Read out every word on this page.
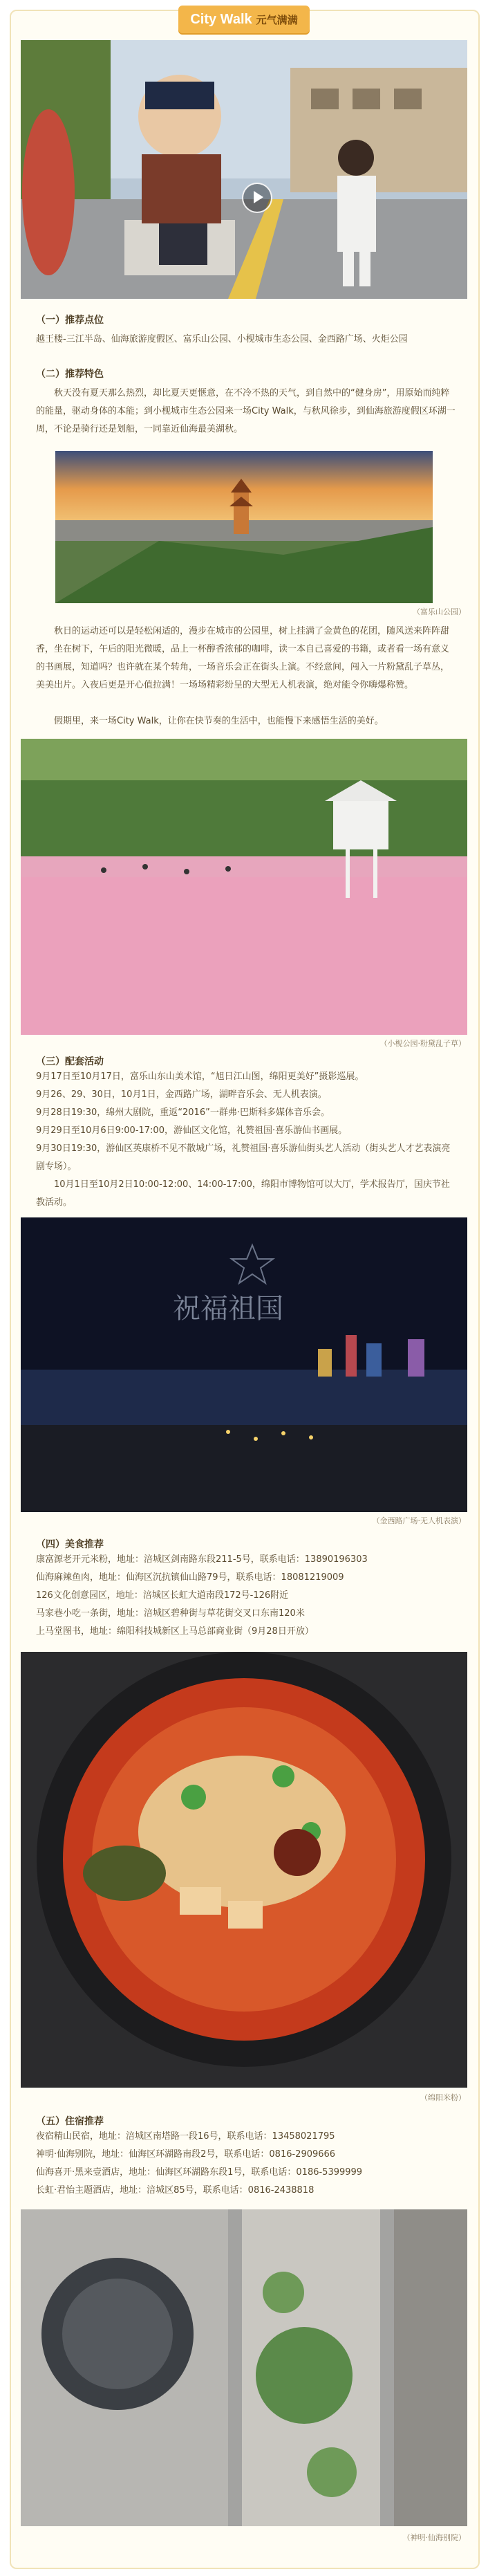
City Walk 元气满满
（一）推荐点位
越王楼-三江半岛、仙海旅游度假区、富乐山公园、小枧城市生态公园、金西路广场、火炬公园
（二）推荐特色
秋天没有夏天那么热烈，却比夏天更惬意，在不冷不热的天气，到自然中的“健身房”，用原始而纯粹的能量，驱动身体的本能；到小枧城市生态公园来一场City Walk，与秋风徐步，到仙海旅游度假区环湖一周，不论是骑行还是划船，一同靠近仙海最美湖秋。
（富乐山公园）
秋日的运动还可以是轻松闲适的，漫步在城市的公园里，树上挂满了金黄色的花团，随风送来阵阵甜香，坐在树下，午后的阳光微暖，品上一杯醇香浓郁的咖啡，读一本自己喜爱的书籍，或者看一场有意义的书画展，知道吗？也许就在某个转角，一场音乐会正在街头上演。不经意间，闯入一片粉黛乱子草丛，美美出片。入夜后更是开心值拉满！一场场精彩纷呈的大型无人机表演，绝对能令你嗨爆称赞。
假期里，来一场City Walk，让你在快节奏的生活中，也能慢下来感悟生活的美好。
（小枧公园·粉黛乱子草）
（三）配套活动
9月17日至10月17日，富乐山东山美术馆，“旭日江山图，绵阳更美好”摄影巡展。
9月26、29、30日，10月1日，金西路广场，湖畔音乐会、无人机表演。
9月28日19:30，绵州大剧院，重返“2016”一群弗·巴斯科多媒体音乐会。
9月29日至10月6日9:00-17:00，游仙区文化馆，礼赞祖国·喜乐游仙书画展。
9月30日19:30，游仙区英康桥不见不散城广场，礼赞祖国·喜乐游仙街头艺人活动（街头艺人才艺表演亮剧专场）。
10月1日至10月2日10:00-12:00、14:00-17:00，绵阳市博物馆可以大厅，学术报告厅，国庆节社教活动。
祝福祖国
（金西路广场·无人机表演）
（四）美食推荐
康富源老开元米粉，地址：涪城区剑南路东段211-5号，联系电话：13890196303
仙海麻辣鱼肉，地址：仙海区沉抗镇仙山路79号，联系电话：18081219009
126文化创意园区，地址：涪城区长虹大道南段172号-126附近
马家巷小吃一条街，地址：涪城区碧种街与草花街交叉口东南120米
上马堂图书，地址：绵阳科技城新区上马总部商业街（9月28日开放）
（绵阳米粉）
（五）住宿推荐
夜宿精山民宿，地址：涪城区南塔路一段16号，联系电话：13458021795
神明·仙海别院，地址：仙海区环湖路南段2号，联系电话：0816-2909666
仙海喜开·黑来壹酒店，地址：仙海区环湖路东段1号，联系电话：0186-5399999
长虹·君怡主题酒店，地址：涪城区85号，联系电话：0816-2438818
（神明·仙海别院）
